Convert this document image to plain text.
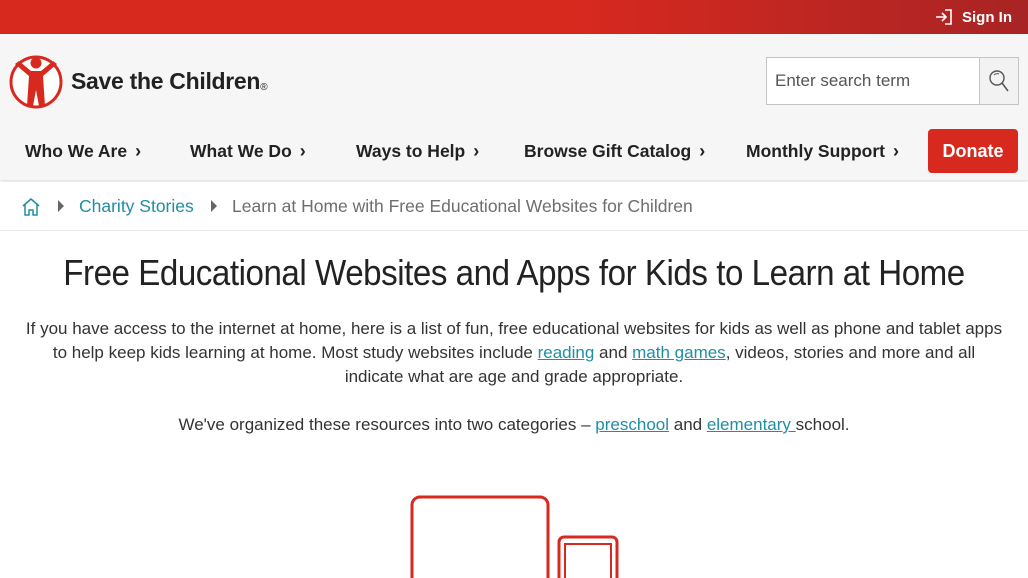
Sign In
Save the Children ®
Enter search term
Who We Are ›	What We Do ›	Ways to Help ›	Browse Gift Catalog › Monthly Support ›	Donate
Charity Stories Learn at Home with Free Educational Websites for Children
Free Educational Websites and Apps for Kids to Learn at Home

If you have access to the internet at home, here is a list of fun, free educational websites for kids as well as phone and tablet apps to help keep kids learning at home. Most study websites include reading and math games, videos, stories and more and all indicate what are age and grade appropriate.

We've organized these resources into two categories – preschool and elementary school.
